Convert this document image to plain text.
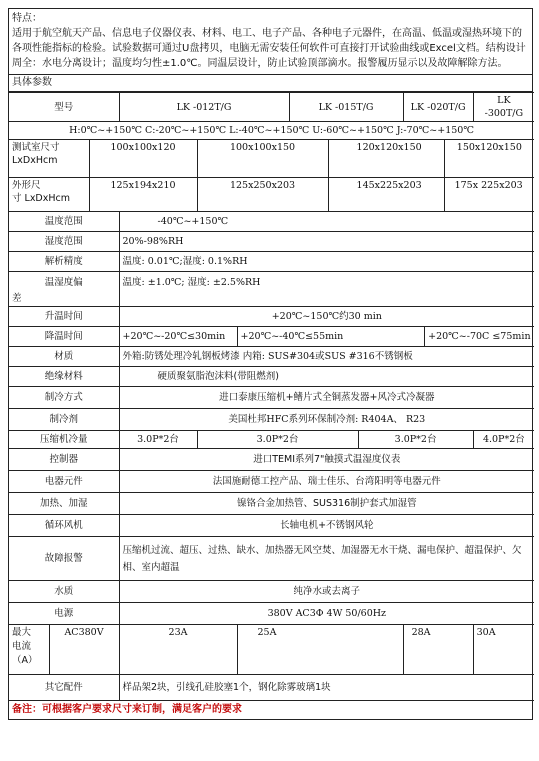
特点：
适用于航空航天产品、信息电子仪器仪表、材料、电工、电子产品、各种电子元器件，在高温、低温或湿热环境下的各项性能指标的检验。试验数据可通过U盘拷贝，电脑无需安装任何软件可直接打开试验曲线或Excel文档。结构设计周全：水电分离设计；温度均匀性±1.0℃。同温层设计，防止试验顶部滴水。报警履历显示以及故障解除方法。
具体参数
型号			LK -012T/G			LK -015T/G			LK -020T/G			LK -300T/G
H:0℃~+150℃ C:-20℃~+150℃ L:-40℃~+150℃ U:-60℃~+150℃ J:-70℃~+150℃												

测试室尺寸
LxDxHcm		100x100x120		100x100x150			120x120x150				150x120x150	

外形尺
寸 LxDxHcm		125x194x210		125x250x203			145x225x203				175x 225x203	
温度范围			-40℃~+150℃									
湿度范围			20%-98%RH									
解析精度			温度: 0.01℃;湿度: 0.1%RH									

温湿度偏
差			温度: ±1.0℃; 湿度: ±2.5%RH									
升温时间			+20℃~150℃约30 min									
降温时间			+20℃~-20℃≤30min		+20℃~-40℃≤55min					+20℃~-70C ≤75min		
材质			外箱:防锈处理冷轧钢板烤漆 内箱: SUS#304或SUS #316不锈钢板									
绝缘材料			硬质聚氨脂泡沫料(带阻燃剂)									
制冷方式			进口泰康压缩机+鳍片式全铜蒸发器+风冷式冷凝器									
制冷剂			美国杜邦HFC系列环保制冷剂: R404A、 R23									
压缩机冷量			3.0P*2台	3.0P*2台				3.0P*2台				4.0P*2台
控制器			进口TEMI系列7"触摸式温湿度仪表									
电器元件			法国施耐德工控产品、瑞士佳乐、台湾阳明等电器元件									
加热、加湿			镍铬合金加热管、SUS316制护套式加湿管									
循环风机			长轴电机+不锈钢风轮									
故障报警			压缩机过流、超压、过热、缺水、加热器无风空焚、加湿器无水干烧、漏电保护、超温保护、欠相、室内超温									
水质			纯净水或去离子									
电源			380V AC3Φ 4W 50/60Hz									

最大
电流
（A）	AC380V		23A		25A				28A			30A
其它配件			样品架2块，引线孔硅胶塞1个，钢化除雾玻璃1块									
备注：可根据客户要求尺寸来订制，满足客户的要求
